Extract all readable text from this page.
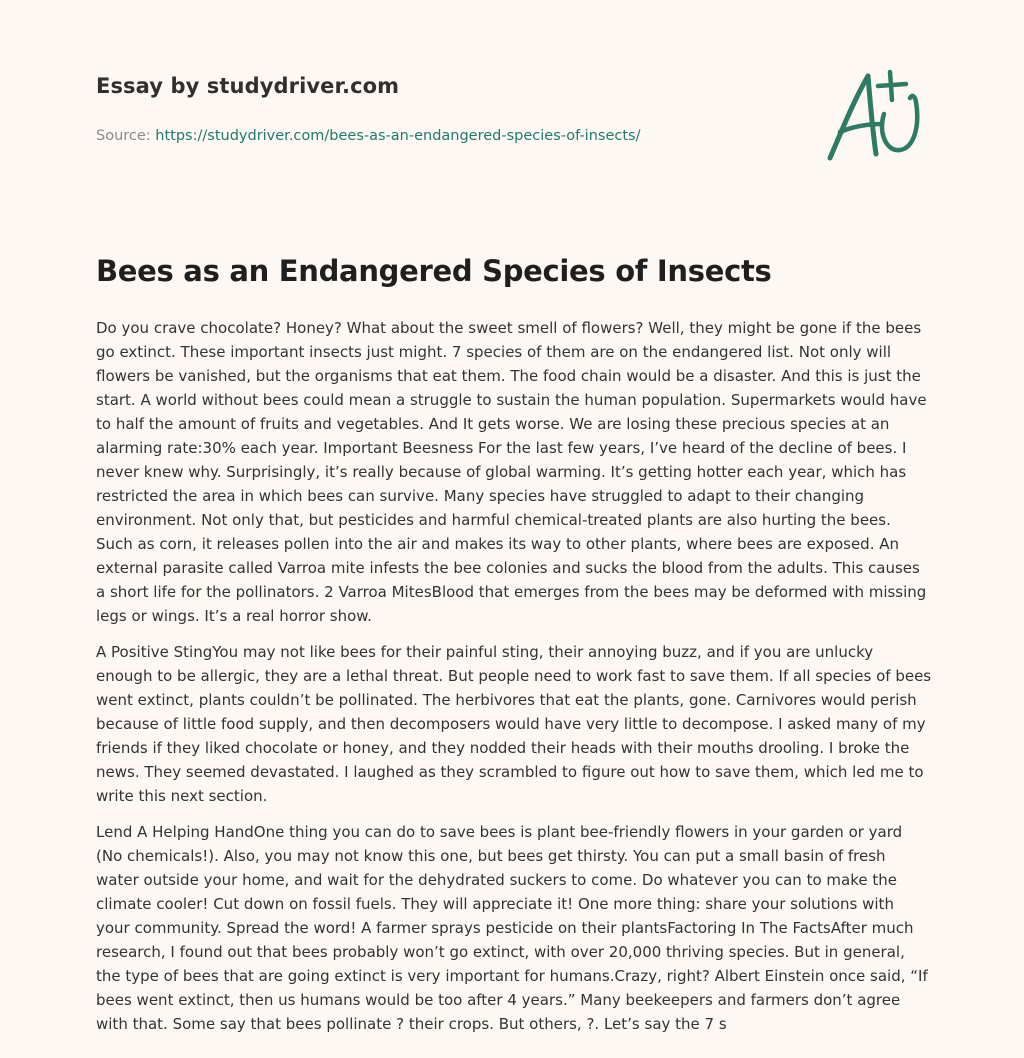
Essay by studydriver.com
Source: https://studydriver.com/bees-as-an-endangered-species-of-insects/
Bees as an Endangered Species of Insects

Do you crave chocolate? Honey? What about the sweet smell of flowers? Well, they might be gone if the bees go extinct. These important insects just might. 7 species of them are on the endangered list. Not only will flowers be vanished, but the organisms that eat them. The food chain would be a disaster. And this is just the start. A world without bees could mean a struggle to sustain the human population. Supermarkets would have to half the amount of fruits and vegetables. And It gets worse. We are losing these precious species at an alarming rate:30% each year. Important Beesness For the last few years, I’ve heard of the decline of bees. I never knew why. Surprisingly, it’s really because of global warming. It’s getting hotter each year, which has restricted the area in which bees can survive. Many species have struggled to adapt to their changing environment. Not only that, but pesticides and harmful chemical-treated plants are also hurting the bees. Such as corn, it releases pollen into the air and makes its way to other plants, where bees are exposed. An external parasite called Varroa mite infests the bee colonies and sucks the blood from the adults. This causes a short life for the pollinators. 2 Varroa MitesBlood that emerges from the bees may be deformed with missing legs or wings. It’s a real horror show.

A Positive StingYou may not like bees for their painful sting, their annoying buzz, and if you are unlucky enough to be allergic, they are a lethal threat. But people need to work fast to save them. If all species of bees went extinct, plants couldn’t be pollinated. The herbivores that eat the plants, gone. Carnivores would perish because of little food supply, and then decomposers would have very little to decompose. I asked many of my friends if they liked chocolate or honey, and they nodded their heads with their mouths drooling. I broke the news. They seemed devastated. I laughed as they scrambled to figure out how to save them, which led me to write this next section.

Lend A Helping HandOne thing you can do to save bees is plant bee-friendly flowers in your garden or yard (No chemicals!). Also, you may not know this one, but bees get thirsty. You can put a small basin of fresh water outside your home, and wait for the dehydrated suckers to come. Do whatever you can to make the climate cooler! Cut down on fossil fuels. They will appreciate it! One more thing: share your solutions with your community. Spread the word! A farmer sprays pesticide on their plantsFactoring In The FactsAfter much research, I found out that bees probably won’t go extinct, with over 20,000 thriving species. But in general, the type of bees that are going extinct is very important for humans.Crazy, right? Albert Einstein once said, “If bees went extinct, then us humans would be too after 4 years.” Many beekeepers and farmers don’t agree with that. Some say that bees pollinate ? their crops. But others, ?. Let’s say the 7 s
